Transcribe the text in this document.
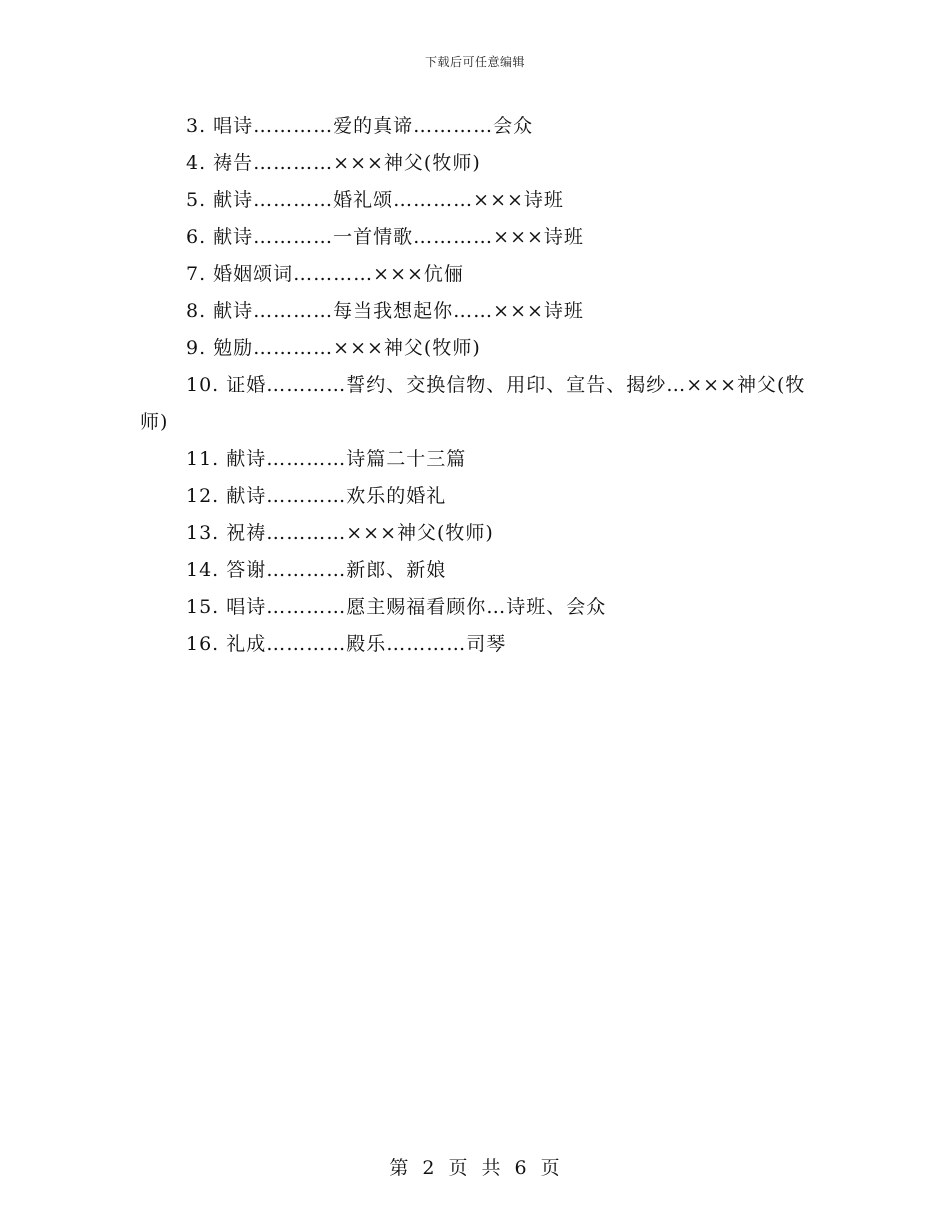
下载后可任意编辑

3. 唱诗…………爱的真谛…………会众

4. 祷告…………×××神父(牧师)

5. 献诗…………婚礼颂…………×××诗班

6. 献诗…………一首情歌…………×××诗班

7. 婚姻颂词…………×××伉俪

8. 献诗…………每当我想起你……×××诗班

9. 勉励…………×××神父(牧师)

10. 证婚…………誓约、交换信物、用印、宣告、揭纱…×××神父(牧师)

11. 献诗…………诗篇二十三篇

12. 献诗…………欢乐的婚礼

13. 祝祷…………×××神父(牧师)

14. 答谢…………新郎、新娘

15. 唱诗…………愿主赐福看顾你…诗班、会众

16. 礼成…………殿乐…………司琴

第 2 页 共 6 页
